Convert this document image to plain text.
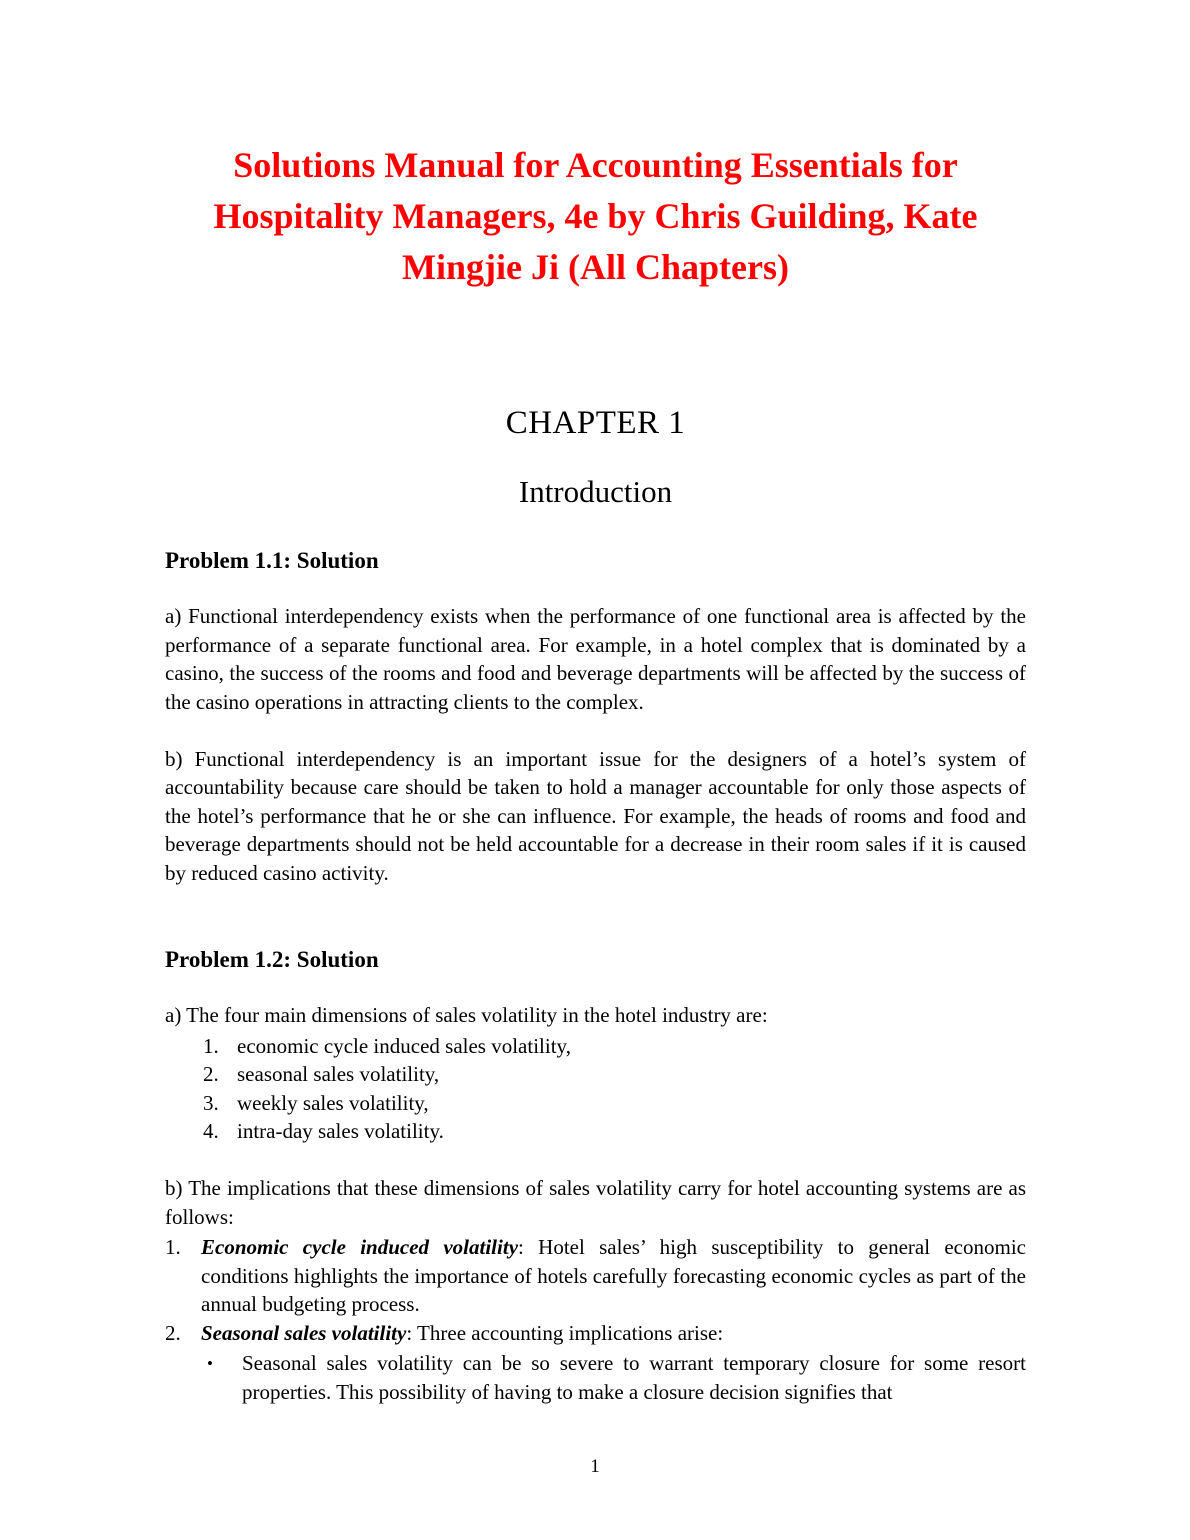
Solutions Manual for Accounting Essentials for Hospitality Managers, 4e by Chris Guilding, Kate Mingjie Ji (All Chapters)
CHAPTER 1
Introduction
Problem 1.1: Solution

a) Functional interdependency exists when the performance of one functional area is affected by the performance of a separate functional area. For example, in a hotel complex that is dominated by a casino, the success of the rooms and food and beverage departments will be affected by the success of the casino operations in attracting clients to the complex.

b) Functional interdependency is an important issue for the designers of a hotel’s system of accountability because care should be taken to hold a manager accountable for only those aspects of the hotel’s performance that he or she can influence. For example, the heads of rooms and food and beverage departments should not be held accountable for a decrease in their room sales if it is caused by reduced casino activity.

Problem 1.2: Solution

a) The four main dimensions of sales volatility in the hotel industry are:

economic cycle induced sales volatility,
seasonal sales volatility,
weekly sales volatility,
intra-day sales volatility.

b) The implications that these dimensions of sales volatility carry for hotel accounting systems are as follows:

Economic cycle induced volatility: Hotel sales’ high susceptibility to general economic conditions highlights the importance of hotels carefully forecasting economic cycles as part of the annual budgeting process.
Seasonal sales volatility: Three accounting implications arise:
• Seasonal sales volatility can be so severe to warrant temporary closure for some resort properties. This possibility of having to make a closure decision signifies that
1
